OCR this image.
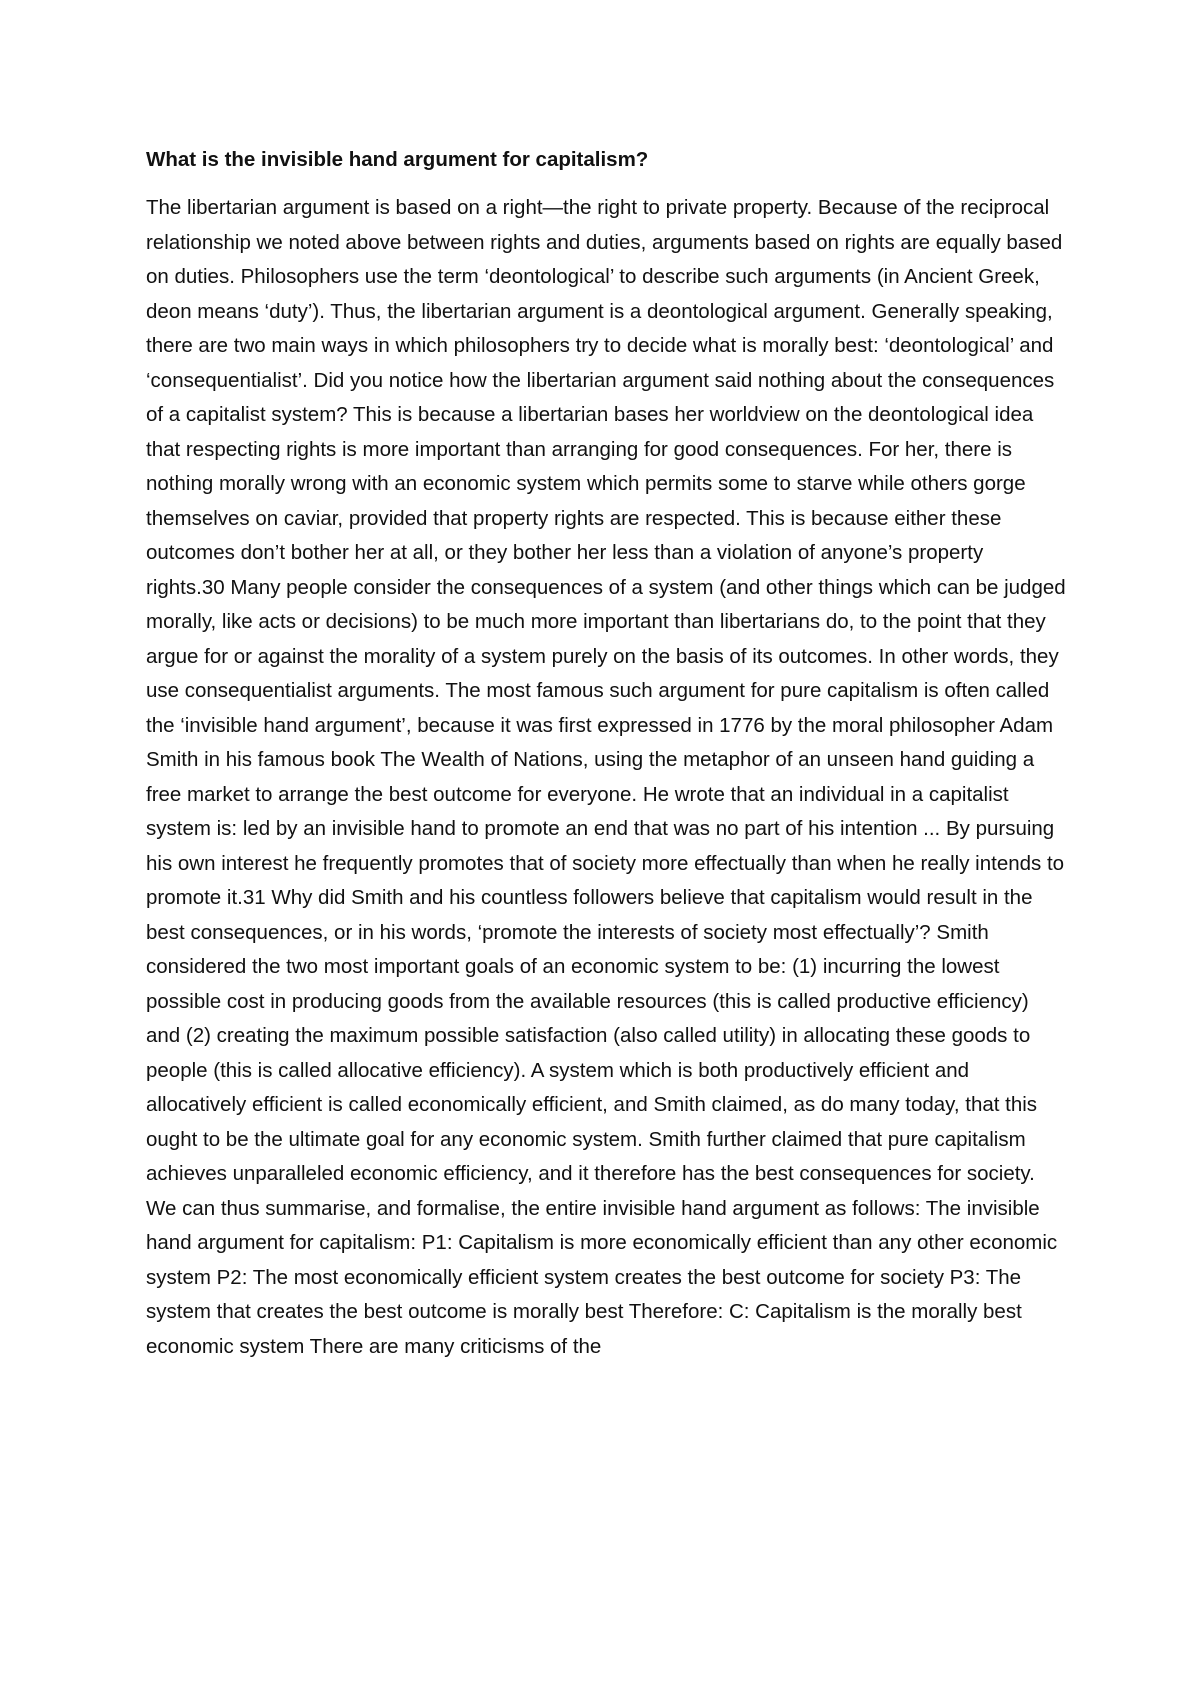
What is the invisible hand argument for capitalism?

The libertarian argument is based on a right—the right to private property. Because of the reciprocal relationship we noted above between rights and duties, arguments based on rights are equally based on duties. Philosophers use the term ‘deontological’ to describe such arguments (in Ancient Greek, deon means ‘duty’). Thus, the libertarian argument is a deontological argument. Generally speaking, there are two main ways in which philosophers try to decide what is morally best: ‘deontological’ and ‘consequentialist’. Did you notice how the libertarian argument said nothing about the consequences of a capitalist system? This is because a libertarian bases her worldview on the deontological idea that respecting rights is more important than arranging for good consequences. For her, there is nothing morally wrong with an economic system which permits some to starve while others gorge themselves on caviar, provided that property rights are respected. This is because either these outcomes don’t bother her at all, or they bother her less than a violation of anyone’s property rights.30 Many people consider the consequences of a system (and other things which can be judged morally, like acts or decisions) to be much more important than libertarians do, to the point that they argue for or against the morality of a system purely on the basis of its outcomes. In other words, they use consequentialist arguments. The most famous such argument for pure capitalism is often called the ‘invisible hand argument’, because it was first expressed in 1776 by the moral philosopher Adam Smith in his famous book The Wealth of Nations, using the metaphor of an unseen hand guiding a free market to arrange the best outcome for everyone. He wrote that an individual in a capitalist system is: led by an invisible hand to promote an end that was no part of his intention ... By pursuing his own interest he frequently promotes that of society more effectually than when he really intends to promote it.31 Why did Smith and his countless followers believe that capitalism would result in the best consequences, or in his words, ‘promote the interests of society most effectually’? Smith considered the two most important goals of an economic system to be: (1) incurring the lowest possible cost in producing goods from the available resources (this is called productive efficiency) and (2) creating the maximum possible satisfaction (also called utility) in allocating these goods to people (this is called allocative efficiency). A system which is both productively efficient and allocatively efficient is called economically efficient, and Smith claimed, as do many today, that this ought to be the ultimate goal for any economic system. Smith further claimed that pure capitalism achieves unparalleled economic efficiency, and it therefore has the best consequences for society. We can thus summarise, and formalise, the entire invisible hand argument as follows: The invisible hand argument for capitalism: P1: Capitalism is more economically efficient than any other economic system P2: The most economically efficient system creates the best outcome for society P3: The system that creates the best outcome is morally best Therefore: C: Capitalism is the morally best economic system There are many criticisms of the
